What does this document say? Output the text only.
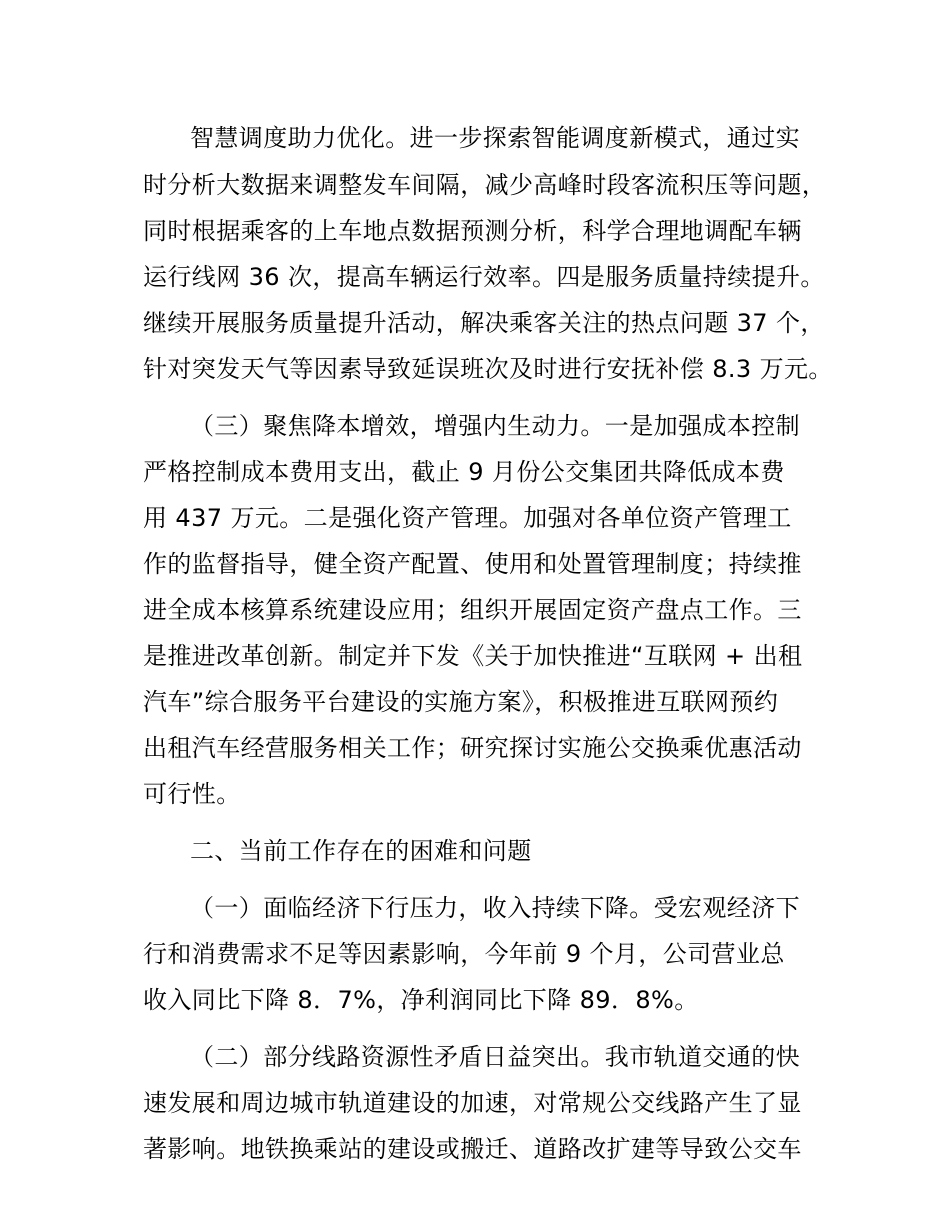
智慧调度助力优化。进一步探索智能调度新模式，通过实
时分析大数据来调整发车间隔，减少高峰时段客流积压等问题，
同时根据乘客的上车地点数据预测分析，科学合理地调配车辆
运行线网 36 次，提高车辆运行效率。四是服务质量持续提升。
继续开展服务质量提升活动，解决乘客关注的热点问题 37 个，
针对突发天气等因素导致延误班次及时进行安抚补偿 8.3 万元。
（三）聚焦降本增效，增强内生动力。一是加强成本控制
严格控制成本费用支出，截止 9 月份公交集团共降低成本费
用 437 万元。二是强化资产管理。加强对各单位资产管理工
作的监督指导，健全资产配置、使用和处置管理制度；持续推
进全成本核算系统建设应用；组织开展固定资产盘点工作。三
是推进改革创新。制定并下发《关于加快推进“互联网 + 出租
汽车”综合服务平台建设的实施方案》，积极推进互联网预约
出租汽车经营服务相关工作；研究探讨实施公交换乘优惠活动
可行性。
二、当前工作存在的困难和问题
（一）面临经济下行压力，收入持续下降。受宏观经济下
行和消费需求不足等因素影响，今年前 9 个月，公司营业总
收入同比下降 8．7%，净利润同比下降 89．8%。
（二）部分线路资源性矛盾日益突出。我市轨道交通的快
速发展和周边城市轨道建设的加速，对常规公交线路产生了显
著影响。地铁换乘站的建设或搬迁、道路改扩建等导致公交车
